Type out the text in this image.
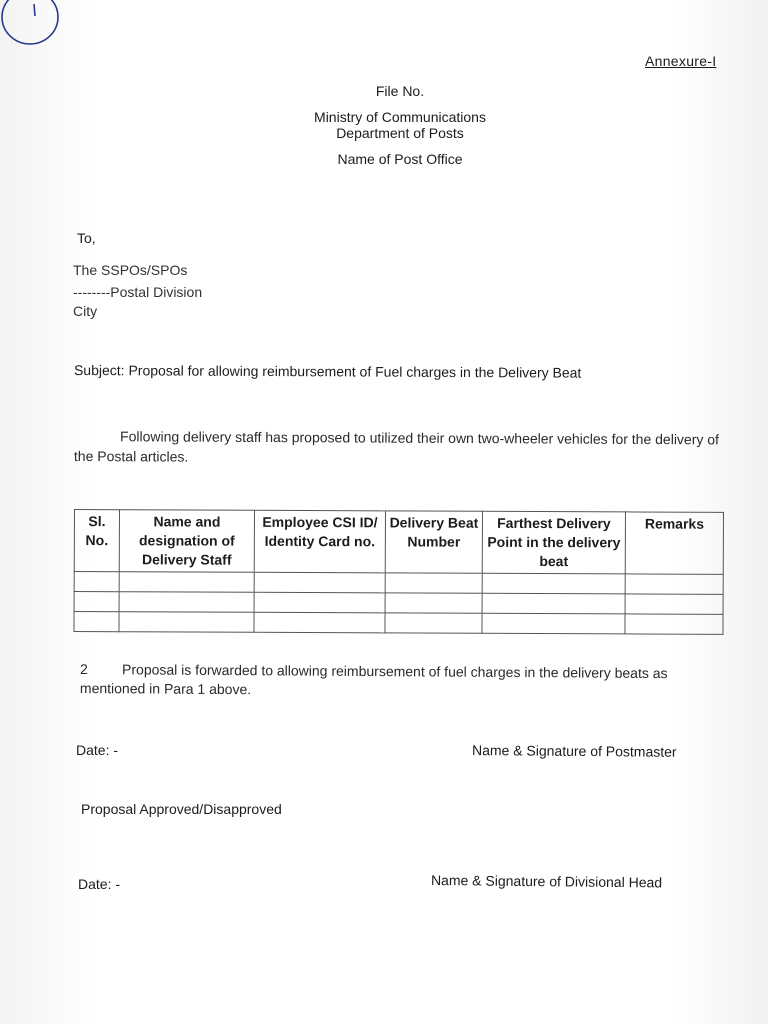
Annexure-I
File No.
Ministry of Communications
Department of Posts
Name of Post Office
To,
The SSPOs/SPOs
--------Postal Division
City
Subject: Proposal for allowing reimbursement of Fuel charges in the Delivery Beat
Following delivery staff has proposed to utilized their own two-wheeler vehicles for the delivery of the Postal articles.
Sl. No.	Name and designation of Delivery Staff	Employee CSI ID/ Identity Card no.	Delivery Beat Number	Farthest Delivery Point in the delivery beat	Remarks

2 Proposal is forwarded to allowing reimbursement of fuel charges in the delivery beats as mentioned in Para 1 above.
Date: -	Name & Signature of Postmaster
Proposal Approved/Disapproved
Date: -	Name & Signature of Divisional Head
